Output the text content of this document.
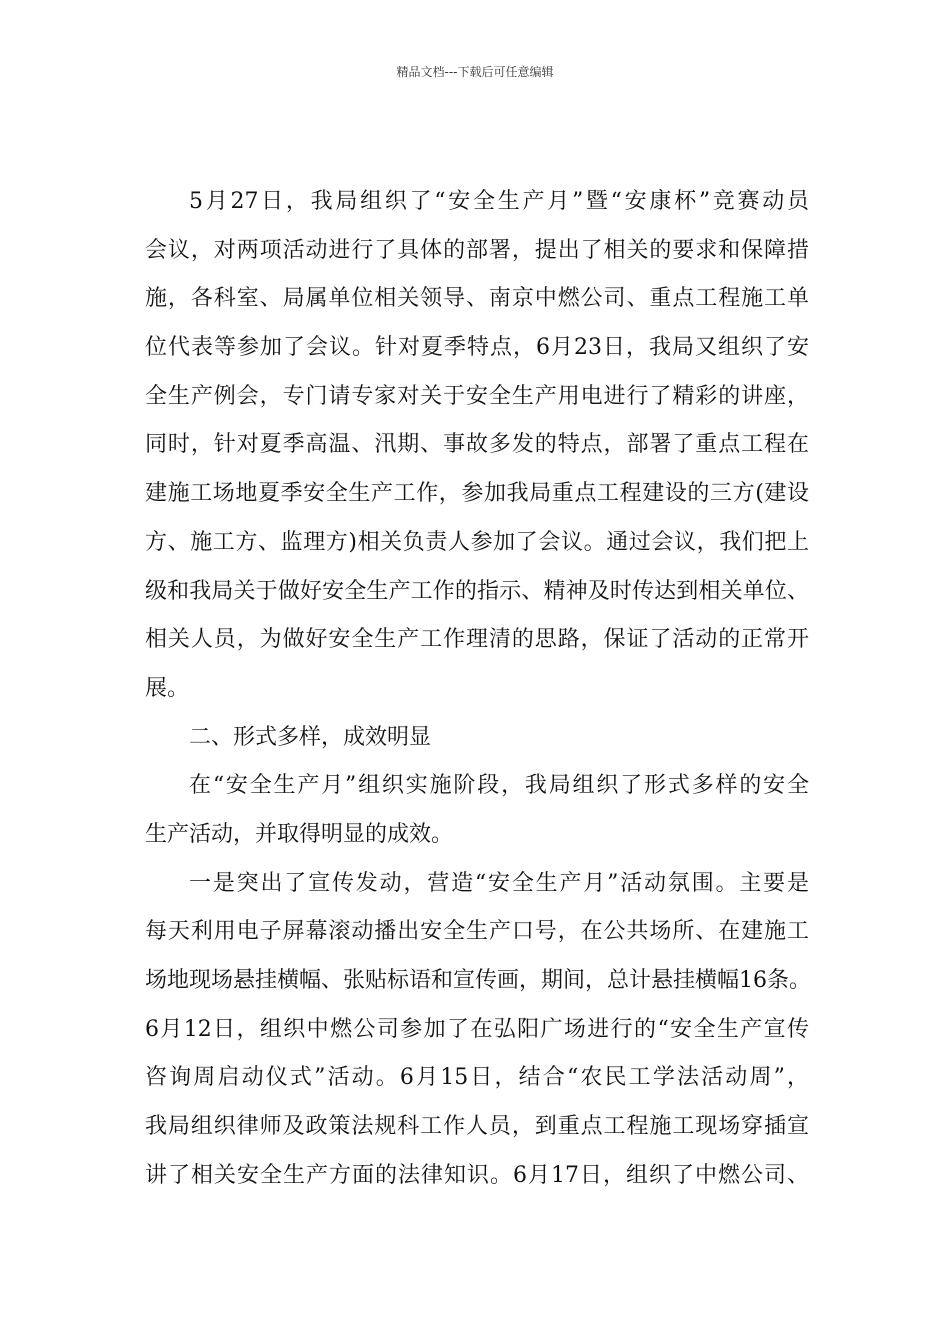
精品文档---下载后可任意编辑
5月27日，我局组织了“安全生产月”暨“安康杯”竞赛动员
会议，对两项活动进行了具体的部署，提出了相关的要求和保障措
施，各科室、局属单位相关领导、南京中燃公司、重点工程施工单
位代表等参加了会议。针对夏季特点，6月23日，我局又组织了安
全生产例会，专门请专家对关于安全生产用电进行了精彩的讲座，
同时，针对夏季高温、汛期、事故多发的特点，部署了重点工程在
建施工场地夏季安全生产工作，参加我局重点工程建设的三方(建设
方、施工方、监理方)相关负责人参加了会议。通过会议，我们把上
级和我局关于做好安全生产工作的指示、精神及时传达到相关单位、
相关人员，为做好安全生产工作理清的思路，保证了活动的正常开
展。
二、形式多样，成效明显
在“安全生产月”组织实施阶段，我局组织了形式多样的安全
生产活动，并取得明显的成效。
一是突出了宣传发动，营造“安全生产月”活动氛围。主要是
每天利用电子屏幕滚动播出安全生产口号，在公共场所、在建施工
场地现场悬挂横幅、张贴标语和宣传画，期间，总计悬挂横幅16条。
6月12日，组织中燃公司参加了在弘阳广场进行的“安全生产宣传
咨询周启动仪式”活动。6月15日，结合“农民工学法活动周”，
我局组织律师及政策法规科工作人员，到重点工程施工现场穿插宣
讲了相关安全生产方面的法律知识。6月17日，组织了中燃公司、
